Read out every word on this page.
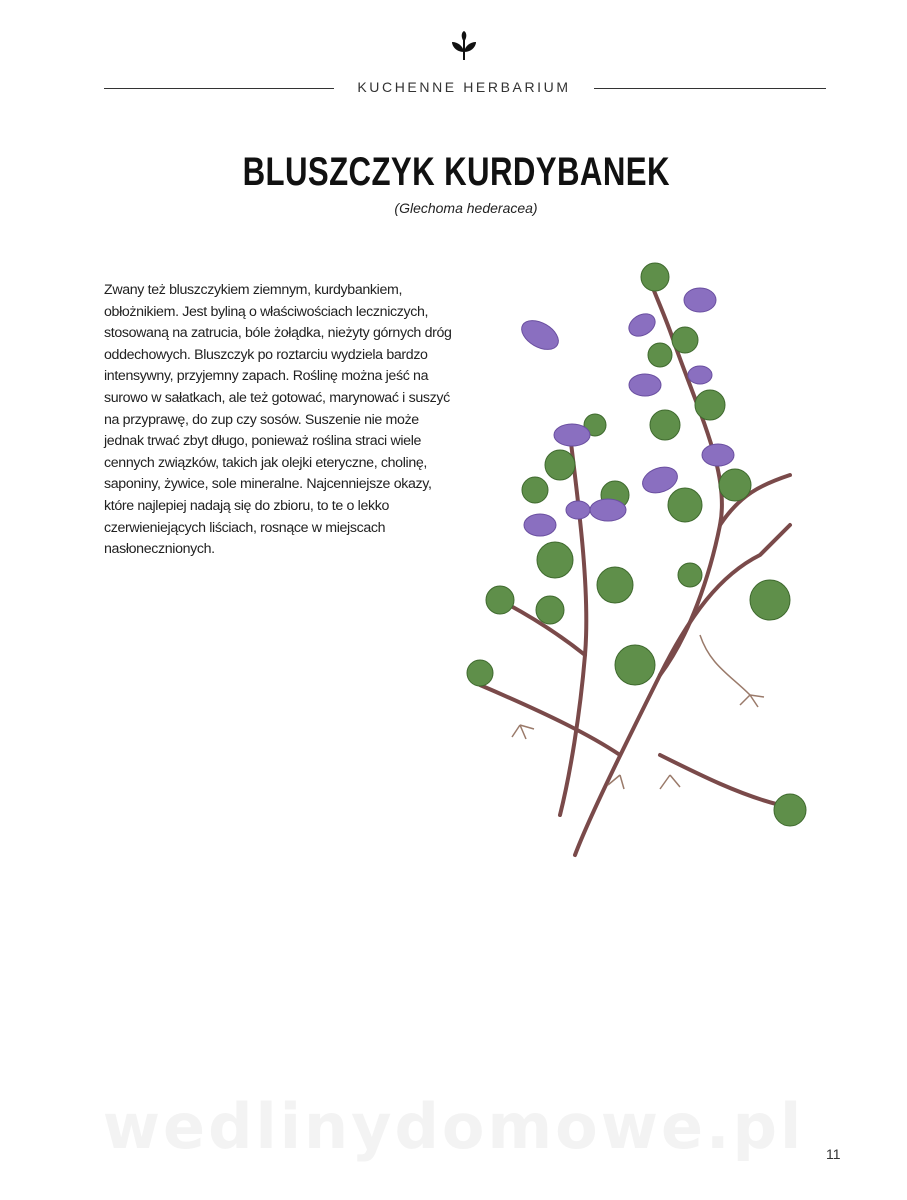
KUCHENNE HERBARIUM
BLUSZCZYK KURDYBANEK
(Glechoma hederacea)
Zwany też bluszczykiem ziemnym, kurdybankiem, obłożnikiem. Jest byliną o właściwościach leczniczych, stosowaną na zatrucia, bóle żołądka, nieżyty górnych dróg oddechowych. Bluszczyk po roztarciu wydziela bardzo intensywny, przyjemny zapach. Roślinę można jeść na surowo w sałatkach, ale też gotować, marynować i suszyć na przyprawę, do zup czy sosów. Suszenie nie może jednak trwać zbyt długo, ponieważ roślina straci wiele cennych związków, takich jak olejki eteryczne, cholinę, saponiny, żywice, sole mineralne. Najcenniejsze okazy, które najlepiej nadają się do zbioru, to te o lekko czerwieniejących liściach, rosnące w miejscach nasłonecznionych.
wedlinydomowe.pl	11
